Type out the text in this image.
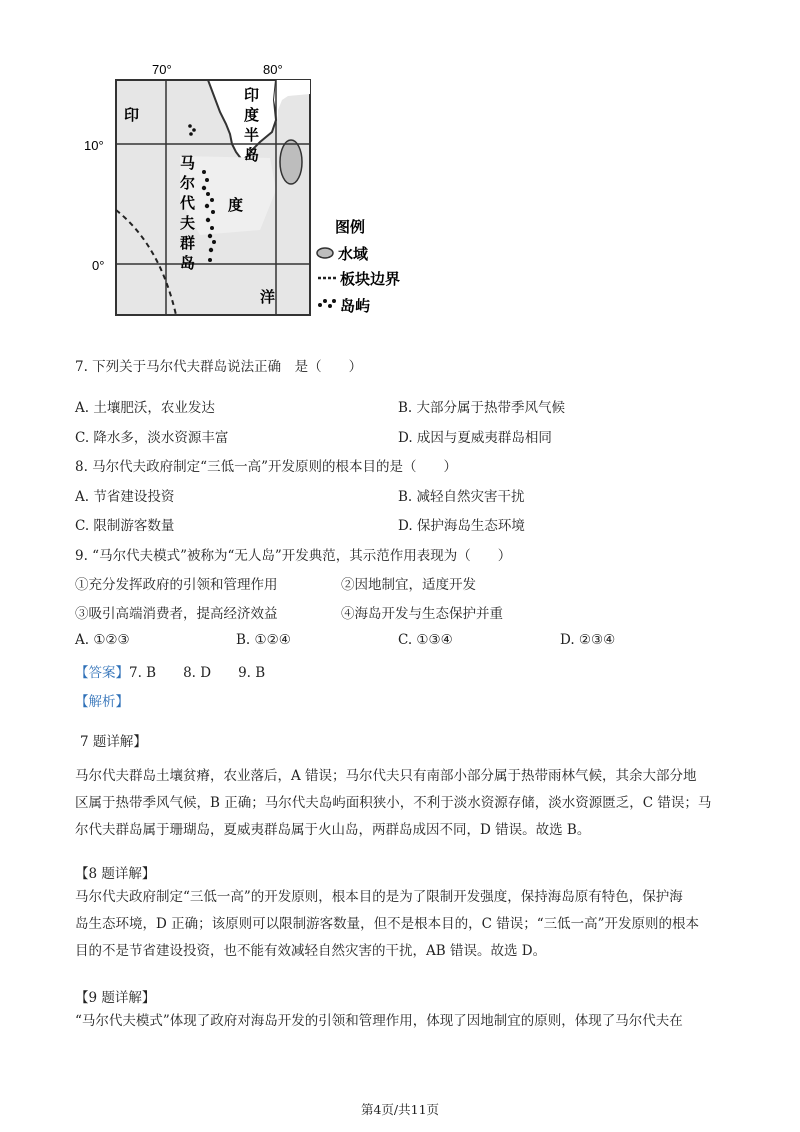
70°	80°
10°
0°
印
度
洋
印
度
半
岛
马
尔
代
夫
群
岛
图例
水域
板块边界
岛屿
7. 下列关于马尔代夫群岛说法正确　是（　　）
A. 土壤肥沃，农业发达	B. 大部分属于热带季风气候
C. 降水多，淡水资源丰富	D. 成因与夏威夷群岛相同
8. 马尔代夫政府制定“三低一高”开发原则的根本目的是（　　）
A. 节省建设投资	B. 减轻自然灾害干扰
C. 限制游客数量	D. 保护海岛生态环境
9. “马尔代夫模式”被称为“无人岛”开发典范，其示范作用表现为（　　）
①充分发挥政府的引领和管理作用	②因地制宜，适度开发
③吸引高端消费者，提高经济效益	④海岛开发与生态保护并重
A. ①②③	B. ①②④	C. ①③④	D. ②③④
【答案】7. B　　8. D　　9. B
【解析】
7 题详解】
马尔代夫群岛土壤贫瘠，农业落后，A 错误；马尔代夫只有南部小部分属于热带雨林气候，其余大部分地
区属于热带季风气候，B 正确；马尔代夫岛屿面积狭小，不利于淡水资源存储，淡水资源匮乏，C 错误；马
尔代夫群岛属于珊瑚岛，夏威夷群岛属于火山岛，两群岛成因不同，D 错误。故选 B。
【8 题详解】
马尔代夫政府制定“三低一高”的开发原则，根本目的是为了限制开发强度，保持海岛原有特色，保护海
岛生态环境，D 正确；该原则可以限制游客数量，但不是根本目的，C 错误；“三低一高”开发原则的根本
目的不是节省建设投资，也不能有效减轻自然灾害的干扰，AB 错误。故选 D。
【9 题详解】
“马尔代夫模式”体现了政府对海岛开发的引领和管理作用，体现了因地制宜的原则，体现了马尔代夫在
第4页/共11页
